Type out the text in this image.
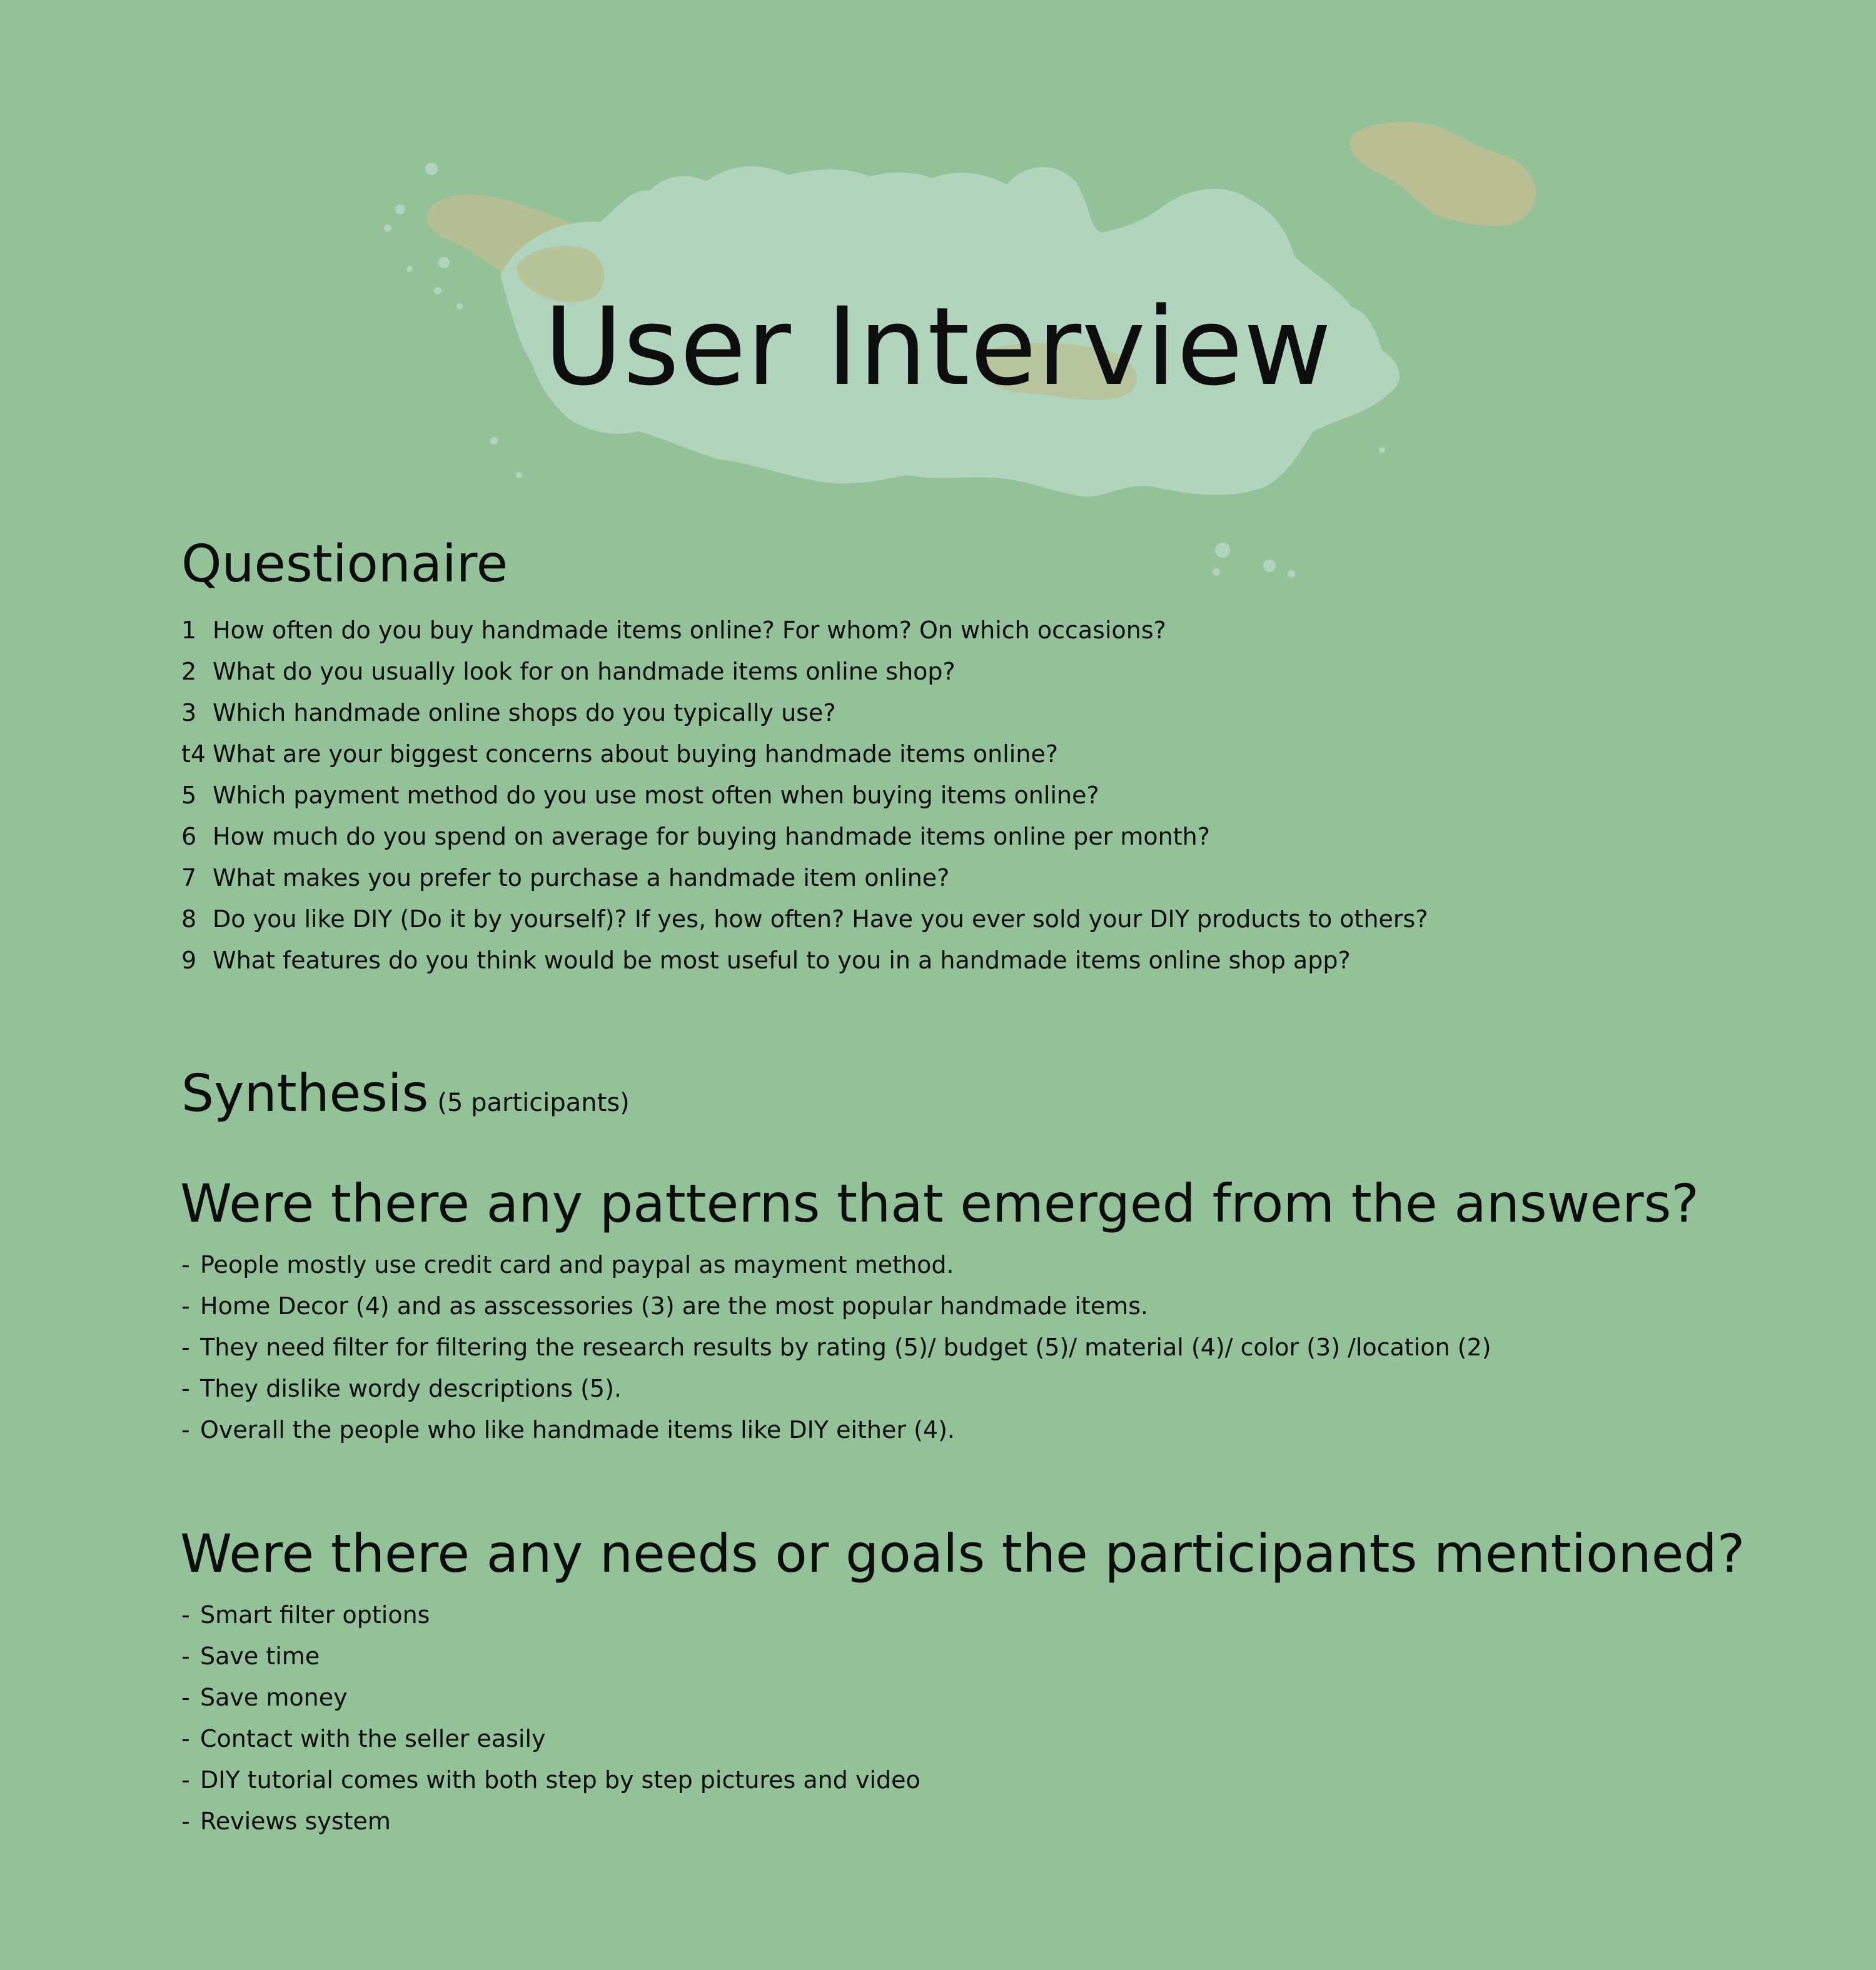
User Interview
Questionaire
1 How often do you buy handmade items online? For whom? On which occasions?
2 What do you usually look for on handmade items online shop?
3 Which handmade online shops do you typically use?
t4 What are your biggest concerns about buying handmade items online?
5 Which payment method do you use most often when buying items online?
6 How much do you spend on average for buying handmade items online per month?
7 What makes you prefer to purchase a handmade item online?
8 Do you like DIY (Do it by yourself)? If yes, how often? Have you ever sold your DIY products to others?
9 What features do you think would be most useful to you in a handmade items online shop app?
Synthesis (5 participants)
Were there any patterns that emerged from the answers?
- People mostly use credit card and paypal as mayment method.
- Home Decor (4) and as asscessories (3) are the most popular handmade items.
- They need filter for filtering the research results by rating (5)/ budget (5)/ material (4)/ color (3) /location (2)
- They dislike wordy descriptions (5).
- Overall the people who like handmade items like DIY either (4).
Were there any needs or goals the participants mentioned?
- Smart filter options
- Save time
- Save money
- Contact with the seller easily
- DIY tutorial comes with both step by step pictures and video
- Reviews system
